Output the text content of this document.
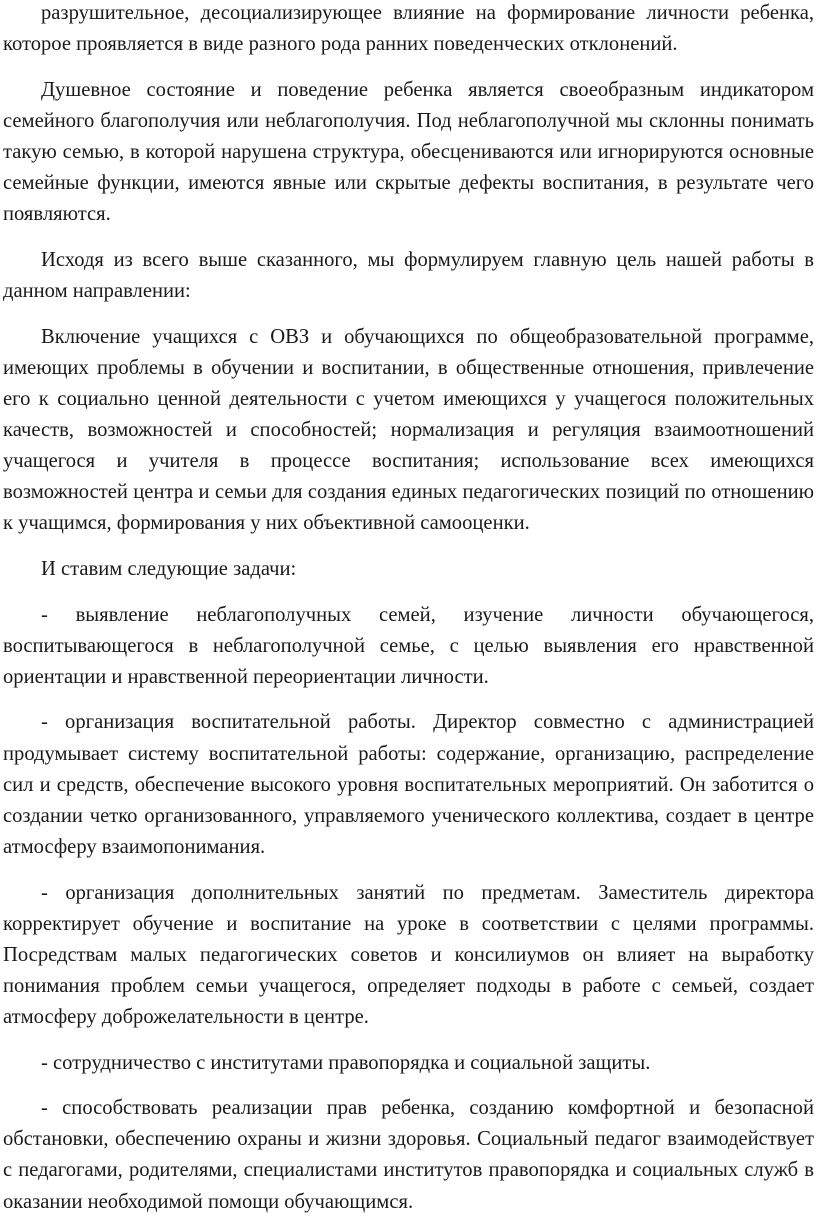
разрушительное, десоциализирующее влияние на формирование личности ребенка, которое проявляется в виде разного рода ранних поведенческих отклонений.

Душевное состояние и поведение ребенка является своеобразным индикатором семейного благополучия или неблагополучия. Под неблагополучной мы склонны понимать такую семью, в которой нарушена структура, обесцениваются или игнорируются основные семейные функции, имеются явные или скрытые дефекты воспитания, в результате чего появляются.

Исходя из всего выше сказанного, мы формулируем главную цель нашей работы в данном направлении:

Включение учащихся с ОВЗ и обучающихся по общеобразовательной программе, имеющих проблемы в обучении и воспитании, в общественные отношения, привлечение его к социально ценной деятельности с учетом имеющихся у учащегося положительных качеств, возможностей и способностей; нормализация и регуляция взаимоотношений учащегося и учителя в процессе воспитания; использование всех имеющихся возможностей центра и семьи для создания единых педагогических позиций по отношению к учащимся, формирования у них объективной самооценки.

И ставим следующие задачи:

- выявление неблагополучных семей, изучение личности обучающегося, воспитывающегося в неблагополучной семье, с целью выявления его нравственной ориентации и нравственной переориентации личности.

- организация воспитательной работы. Директор совместно с администрацией продумывает систему воспитательной работы: содержание, организацию, распределение сил и средств, обеспечение высокого уровня воспитательных мероприятий. Он заботится о создании четко организованного, управляемого ученического коллектива, создает в центре атмосферу взаимопонимания.

- организация дополнительных занятий по предметам. Заместитель директора корректирует обучение и воспитание на уроке в соответствии с целями программы. Посредствам малых педагогических советов и консилиумов он влияет на выработку понимания проблем семьи учащегося, определяет подходы в работе с семьей, создает атмосферу доброжелательности в центре.

- сотрудничество с институтами правопорядка и социальной защиты.

- способствовать реализации прав ребенка, созданию комфортной и безопасной обстановки, обеспечению охраны и жизни здоровья. Социальный педагог взаимодействует с педагогами, родителями, специалистами институтов правопорядка и социальных служб в оказании необходимой помощи обучающимся.
